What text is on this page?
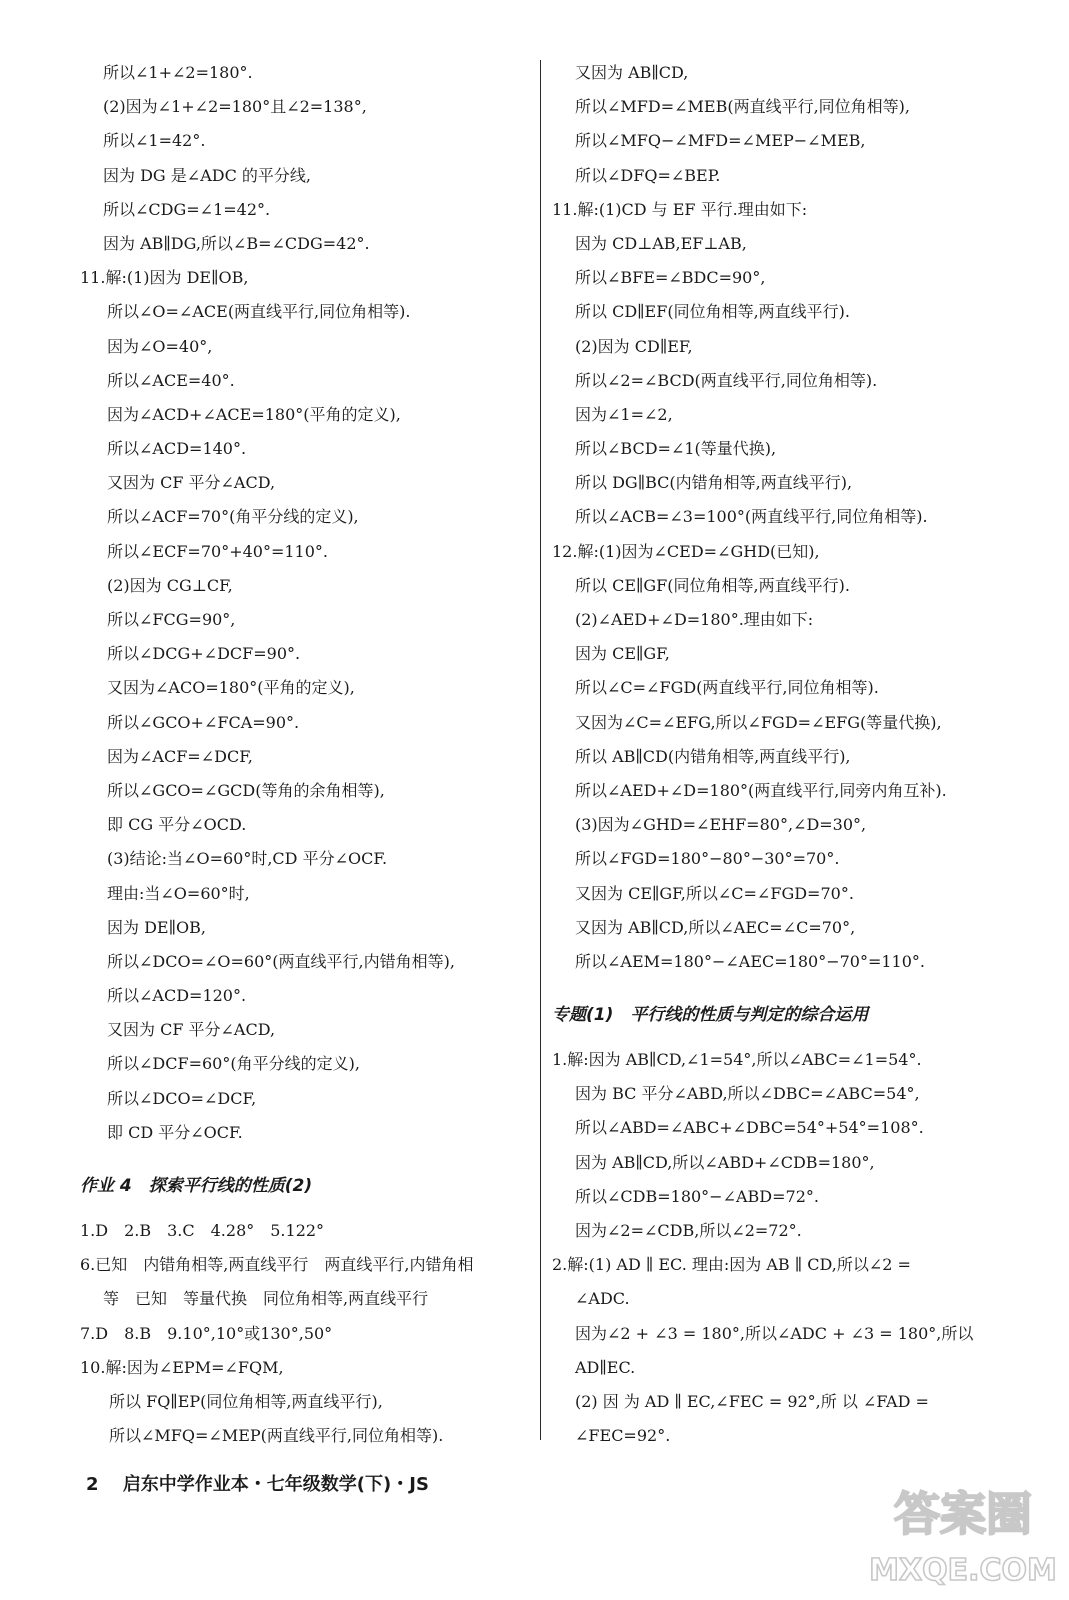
所以∠1+∠2=180°.
(2)因为∠1+∠2=180°且∠2=138°,
所以∠1=42°.
因为 DG 是∠ADC 的平分线,
所以∠CDG=∠1=42°.
因为 AB∥DG,所以∠B=∠CDG=42°.
11.解:(1)因为 DE∥OB,
所以∠O=∠ACE(两直线平行,同位角相等).
因为∠O=40°,
所以∠ACE=40°.
因为∠ACD+∠ACE=180°(平角的定义),
所以∠ACD=140°.
又因为 CF 平分∠ACD,
所以∠ACF=70°(角平分线的定义),
所以∠ECF=70°+40°=110°.
(2)因为 CG⊥CF,
所以∠FCG=90°,
所以∠DCG+∠DCF=90°.
又因为∠ACO=180°(平角的定义),
所以∠GCO+∠FCA=90°.
因为∠ACF=∠DCF,
所以∠GCO=∠GCD(等角的余角相等),
即 CG 平分∠OCD.
(3)结论:当∠O=60°时,CD 平分∠OCF.
理由:当∠O=60°时,
因为 DE∥OB,
所以∠DCO=∠O=60°(两直线平行,内错角相等),
所以∠ACD=120°.
又因为 CF 平分∠ACD,
所以∠DCF=60°(角平分线的定义),
所以∠DCO=∠DCF,
即 CD 平分∠OCF.
作业 4　探索平行线的性质(2)
1.D　2.B　3.C　4.28°　5.122°
6.已知　内错角相等,两直线平行　两直线平行,内错角相
等　已知　等量代换　同位角相等,两直线平行
7.D　8.B　9.10°,10°或130°,50°
10.解:因为∠EPM=∠FQM,
所以 FQ∥EP(同位角相等,两直线平行),
所以∠MFQ=∠MEP(两直线平行,同位角相等).
又因为 AB∥CD,
所以∠MFD=∠MEB(两直线平行,同位角相等),
所以∠MFQ−∠MFD=∠MEP−∠MEB,
所以∠DFQ=∠BEP.
11.解:(1)CD 与 EF 平行.理由如下:
因为 CD⊥AB,EF⊥AB,
所以∠BFE=∠BDC=90°,
所以 CD∥EF(同位角相等,两直线平行).
(2)因为 CD∥EF,
所以∠2=∠BCD(两直线平行,同位角相等).
因为∠1=∠2,
所以∠BCD=∠1(等量代换),
所以 DG∥BC(内错角相等,两直线平行),
所以∠ACB=∠3=100°(两直线平行,同位角相等).
12.解:(1)因为∠CED=∠GHD(已知),
所以 CE∥GF(同位角相等,两直线平行).
(2)∠AED+∠D=180°.理由如下:
因为 CE∥GF,
所以∠C=∠FGD(两直线平行,同位角相等).
又因为∠C=∠EFG,所以∠FGD=∠EFG(等量代换),
所以 AB∥CD(内错角相等,两直线平行),
所以∠AED+∠D=180°(两直线平行,同旁内角互补).
(3)因为∠GHD=∠EHF=80°,∠D=30°,
所以∠FGD=180°−80°−30°=70°.
又因为 CE∥GF,所以∠C=∠FGD=70°.
又因为 AB∥CD,所以∠AEC=∠C=70°,
所以∠AEM=180°−∠AEC=180°−70°=110°.
专题(1)　平行线的性质与判定的综合运用
1.解:因为 AB∥CD,∠1=54°,所以∠ABC=∠1=54°.
因为 BC 平分∠ABD,所以∠DBC=∠ABC=54°,
所以∠ABD=∠ABC+∠DBC=54°+54°=108°.
因为 AB∥CD,所以∠ABD+∠CDB=180°,
所以∠CDB=180°−∠ABD=72°.
因为∠2=∠CDB,所以∠2=72°.
2.解:(1) AD ∥ EC. 理由:因为 AB ∥ CD,所以∠2 =
∠ADC.
因为∠2 + ∠3 = 180°,所以∠ADC + ∠3 = 180°,所以
AD∥EC.
(2) 因 为 AD ∥ EC,∠FEC = 92°,所 以 ∠FAD =
∠FEC=92°.
2 启东中学作业本・七年级数学(下)・JS
答案圈
MXQE.COM
